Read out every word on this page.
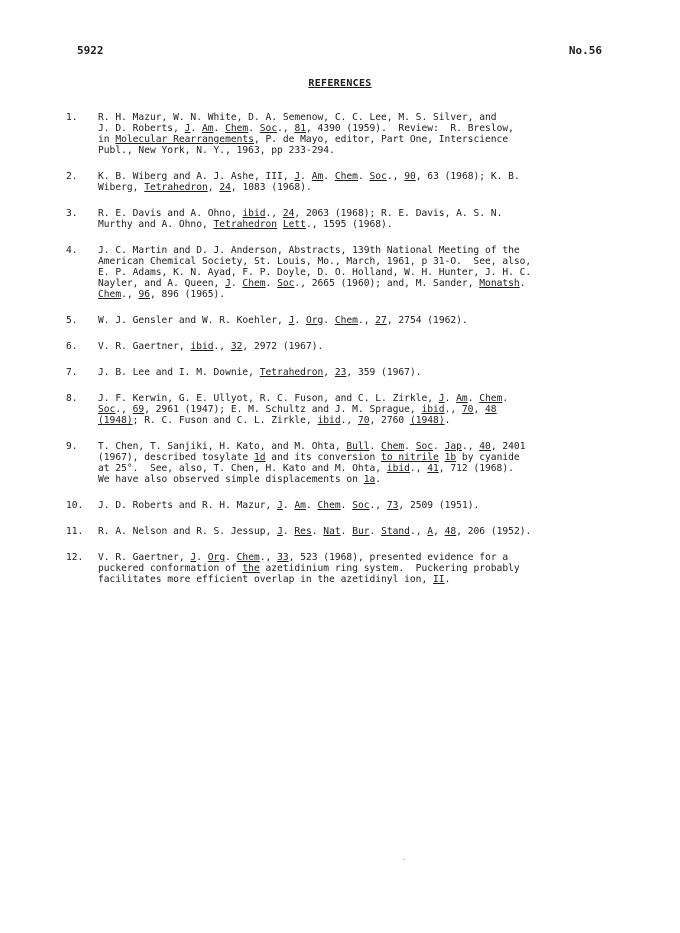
5922	No.56
REFERENCES
1.	R. H. Mazur, W. N. White, D. A. Semenow, C. C. Lee, M. S. Silver, and
J. D. Roberts, J. Am. Chem. Soc., 81, 4390 (1959).  Review:  R. Breslow,
in Molecular Rearrangements, P. de Mayo, editor, Part One, Interscience
Publ., New York, N. Y., 1963, pp 233-294.
2.	K. B. Wiberg and A. J. Ashe, III, J. Am. Chem. Soc., 90, 63 (1968); K. B.
Wiberg, Tetrahedron, 24, 1083 (1968).
3.	R. E. Davis and A. Ohno, ibid., 24, 2063 (1968); R. E. Davis, A. S. N.
Murthy and A. Ohno, Tetrahedron Lett., 1595 (1968).
4.	J. C. Martin and D. J. Anderson, Abstracts, 139th National Meeting of the
American Chemical Society, St. Louis, Mo., March, 1961, p 31-O.  See, also,
E. P. Adams, K. N. Ayad, F. P. Doyle, D. O. Holland, W. H. Hunter, J. H. C.
Nayler, and A. Queen, J. Chem. Soc., 2665 (1960); and, M. Sander, Monatsh.
Chem., 96, 896 (1965).
5.	W. J. Gensler and W. R. Koehler, J. Org. Chem., 27, 2754 (1962).
6.	V. R. Gaertner, ibid., 32, 2972 (1967).
7.	J. B. Lee and I. M. Downie, Tetrahedron, 23, 359 (1967).
8.	J. F. Kerwin, G. E. Ullyot, R. C. Fuson, and C. L. Zirkle, J. Am. Chem.
Soc., 69, 2961 (1947); E. M. Schultz and J. M. Sprague, ibid., 70, 48
(1948); R. C. Fuson and C. L. Zirkle, ibid., 70, 2760 (1948).
9.	T. Chen, T. Sanjiki, H. Kato, and M. Ohta, Bull. Chem. Soc. Jap., 40, 2401
(1967), described tosylate 1d and its conversion to nitrile 1b by cyanide
at 25°.  See, also, T. Chen, H. Kato and M. Ohta, ibid., 41, 712 (1968).
We have also observed simple displacements on 1a.
10.	J. D. Roberts and R. H. Mazur, J. Am. Chem. Soc., 73, 2509 (1951).
11.	R. A. Nelson and R. S. Jessup, J. Res. Nat. Bur. Stand., A, 48, 206 (1952).
12.	V. R. Gaertner, J. Org. Chem., 33, 523 (1968), presented evidence for a
puckered conformation of the azetidinium ring system.  Puckering probably
facilitates more efficient overlap in the azetidinyl ion, II.
